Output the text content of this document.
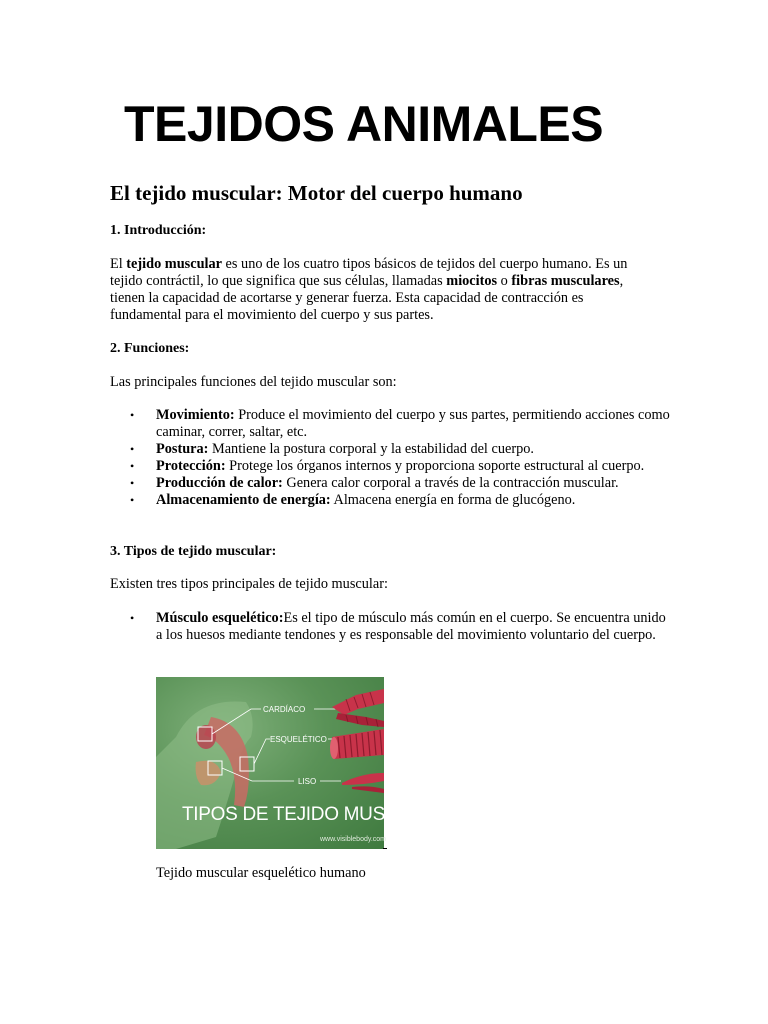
TEJIDOS ANIMALES
El tejido muscular: Motor del cuerpo humano
1. Introducción:
El tejido muscular es uno de los cuatro tipos básicos de tejidos del cuerpo humano. Es un tejido contráctil, lo que significa que sus células, llamadas miocitos o fibras musculares, tienen la capacidad de acortarse y generar fuerza. Esta capacidad de contracción es fundamental para el movimiento del cuerpo y sus partes.
2. Funciones:
Las principales funciones del tejido muscular son:
• Movimiento: Produce el movimiento del cuerpo y sus partes, permitiendo acciones como caminar, correr, saltar, etc.
• Postura: Mantiene la postura corporal y la estabilidad del cuerpo.
• Protección: Protege los órganos internos y proporciona soporte estructural al cuerpo.
• Producción de calor: Genera calor corporal a través de la contracción muscular.
• Almacenamiento de energía: Almacena energía en forma de glucógeno.
3. Tipos de tejido muscular:
Existen tres tipos principales de tejido muscular:
• Músculo esquelético:Es el tipo de músculo más común en el cuerpo. Se encuentra unido a los huesos mediante tendones y es responsable del movimiento voluntario del cuerpo.
CARDÍACO
ESQUELÉTICO
LISO
TIPOS DE TEJIDO MUSCULAR
www.visiblebody.com
Tejido muscular esquelético humano
